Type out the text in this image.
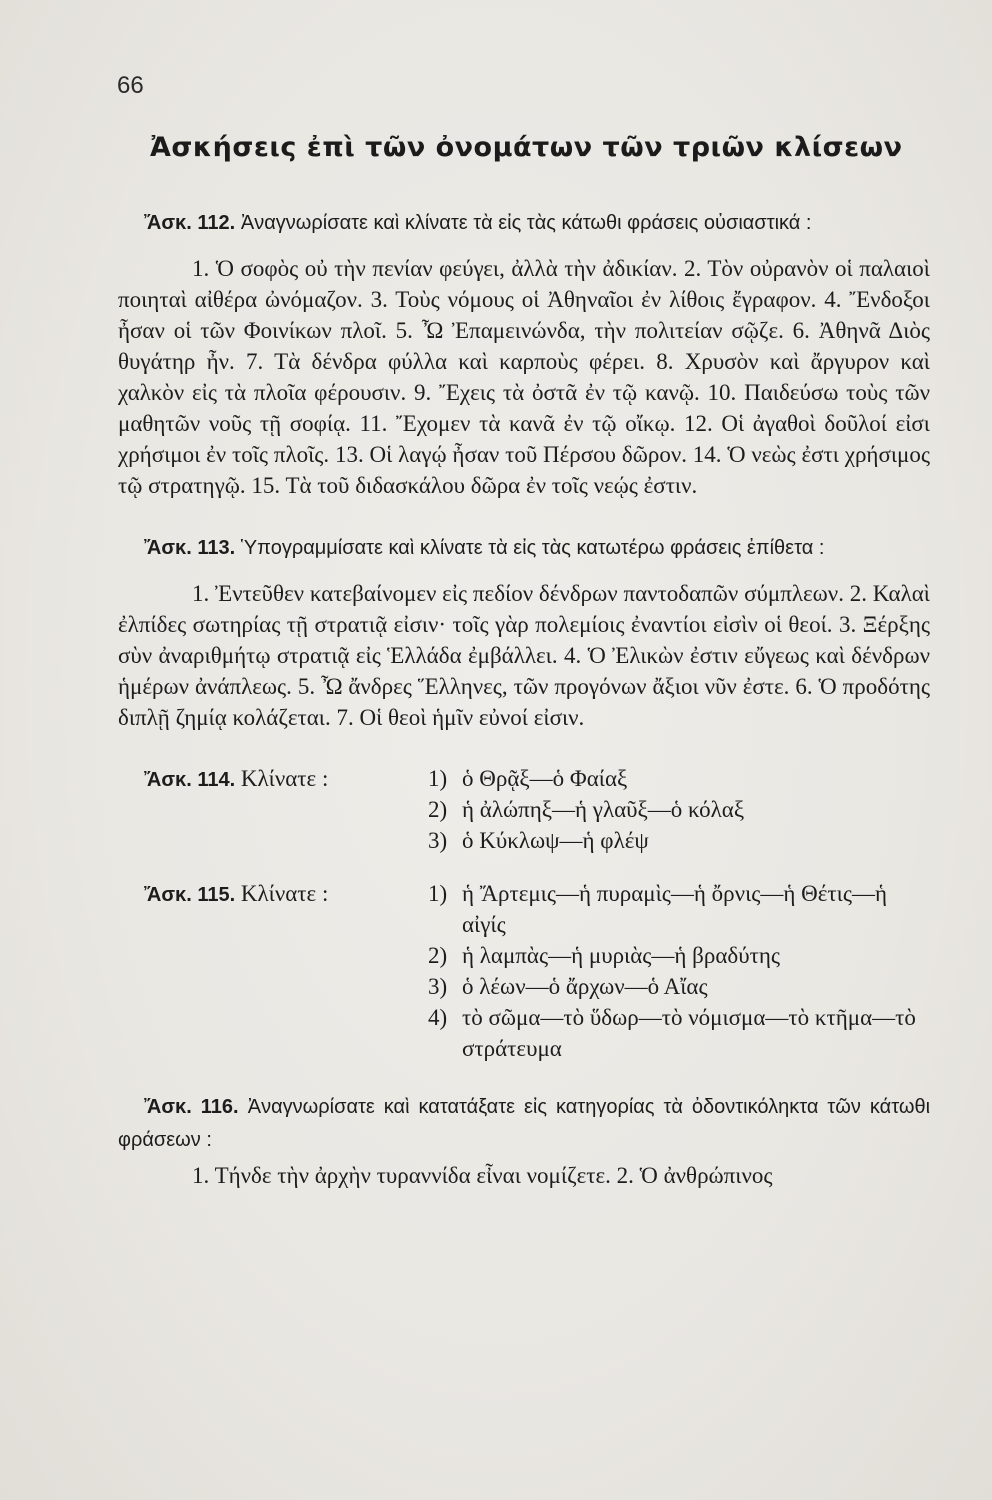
66
Ἀσκήσεις ἐπὶ τῶν ὀνομάτων τῶν τριῶν κλίσεων

Ἄσκ. 112. Ἀναγνωρίσατε καὶ κλίνατε τὰ εἰς τὰς κάτωθι φράσεις οὐσιαστικά :

1. Ὁ σοφὸς οὐ τὴν πενίαν φεύγει, ἀλλὰ τὴν ἀδικίαν. 2. Τὸν οὐρανὸν οἱ παλαιοὶ ποιηταὶ αἰθέρα ὠνόμαζον. 3. Τοὺς νόμους οἱ Ἀθηναῖοι ἐν λίθοις ἔγραφον. 4. Ἔνδοξοι ἦσαν οἱ τῶν Φοινίκων πλοῖ. 5. Ὦ Ἐπαμεινώνδα, τὴν πολιτείαν σῷζε. 6. Ἀθηνᾶ Διὸς θυγάτηρ ἦν. 7. Τὰ δένδρα φύλλα καὶ καρποὺς φέρει. 8. Χρυσὸν καὶ ἄργυρον καὶ χαλκὸν εἰς τὰ πλοῖα φέρουσιν. 9. Ἔχεις τὰ ὀστᾶ ἐν τῷ κανῷ. 10. Παιδεύσω τοὺς τῶν μαθητῶν νοῦς τῇ σοφίᾳ. 11. Ἔχομεν τὰ κανᾶ ἐν τῷ οἴκῳ. 12. Οἱ ἀγαθοὶ δοῦλοί εἰσι χρήσιμοι ἐν τοῖς πλοῖς. 13. Οἱ λαγῴ ἦσαν τοῦ Πέρσου δῶρον. 14. Ὁ νεὼς ἐστι χρήσιμος τῷ στρατηγῷ. 15. Τὰ τοῦ διδασκάλου δῶρα ἐν τοῖς νεῴς ἐστιν.

Ἄσκ. 113. Ὑπογραμμίσατε καὶ κλίνατε τὰ εἰς τὰς κατωτέρω φράσεις ἐπίθετα :

1. Ἐντεῦθεν κατεβαίνομεν εἰς πεδίον δένδρων παντοδαπῶν σύμπλεων. 2. Καλαὶ ἐλπίδες σωτηρίας τῇ στρατιᾷ εἰσιν· τοῖς γὰρ πολεμίοις ἐναντίοι εἰσὶν οἱ θεοί. 3. Ξέρξης σὺν ἀναριθμήτῳ στρατιᾷ εἰς Ἑλλάδα ἐμβάλλει. 4. Ὁ Ἐλικὼν ἐστιν εὔγεως καὶ δένδρων ἡμέρων ἀνάπλεως. 5. Ὦ ἄνδρες Ἕλληνες, τῶν προγόνων ἄξιοι νῦν ἐστε. 6. Ὁ προδότης διπλῇ ζημίᾳ κολάζεται. 7. Οἱ θεοὶ ἡμῖν εὐνοί εἰσιν.

Ἄσκ. 114. Κλίνατε :	1) ὁ Θρᾷξ—ὁ Φαίαξ
2) ἡ ἀλώπηξ—ἡ γλαῦξ—ὁ κόλαξ
3) ὁ Κύκλωψ—ἡ φλέψ
Ἄσκ. 115. Κλίνατε :	1) ἡ Ἄρτεμις—ἡ πυραμὶς—ἡ ὄρνις—ἡ Θέτις—ἡ αἰγίς
2) ἡ λαμπὰς—ἡ μυριὰς—ἡ βραδύτης
3) ὁ λέων—ὁ ἄρχων—ὁ Αἴας
4) τὸ σῶμα—τὸ ὕδωρ—τὸ νόμισμα—τὸ κτῆμα—τὸ στράτευμα

Ἄσκ. 116. Ἀναγνωρίσατε καὶ κατατάξατε εἰς κατηγορίας τὰ ὀδοντικόληκτα τῶν κάτωθι φράσεων :

1. Τήνδε τὴν ἀρχὴν τυραννίδα εἶναι νομίζετε. 2. Ὁ ἀνθρώπινος
